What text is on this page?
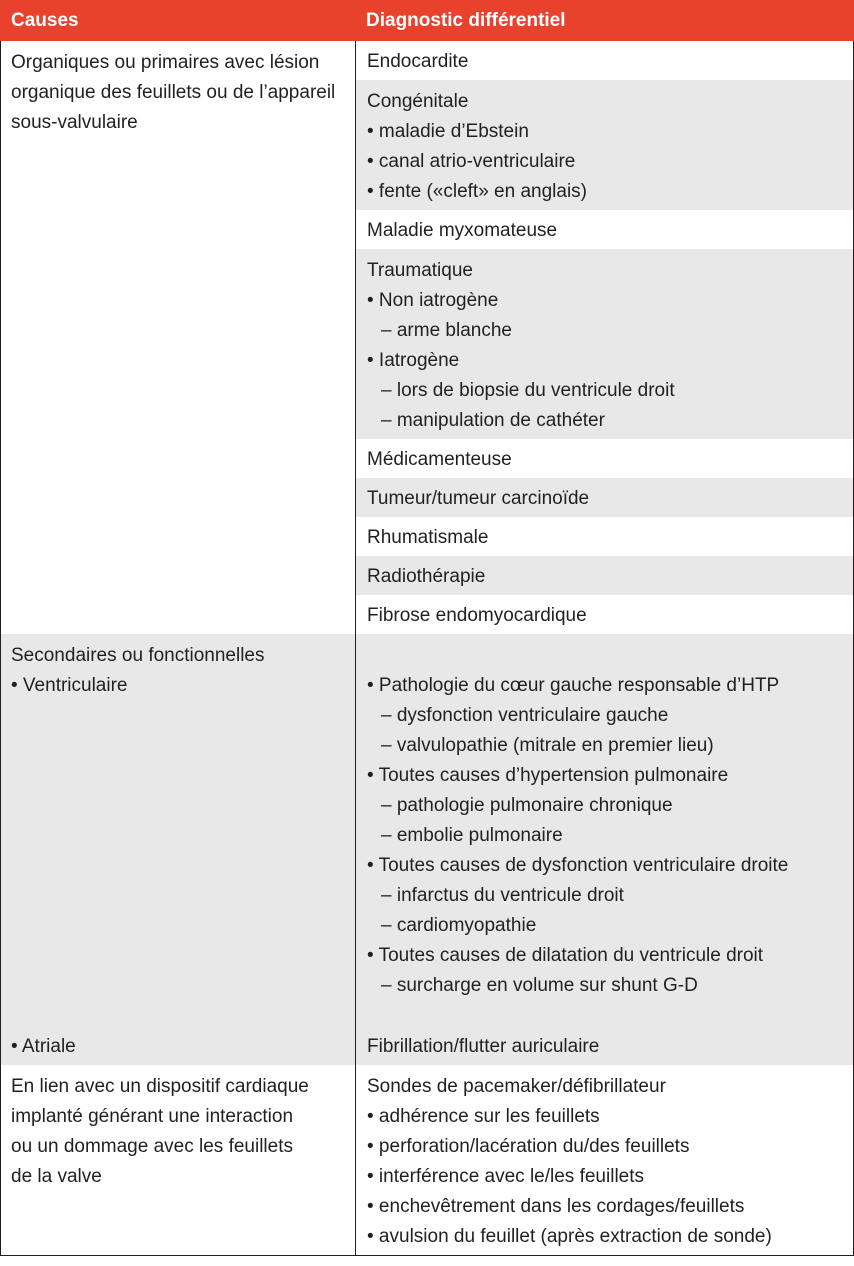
Causes	Diagnostic différentiel
Organiques ou primaires avec lésion
organique des feuillets ou de l’appareil
sous-valvulaire
Endocardite
Congénitale
• maladie d’Ebstein
• canal atrio-ventriculaire
• fente («cleft» en anglais)
Maladie myxomateuse
Traumatique
• Non iatrogène
– arme blanche
• Iatrogène
– lors de biopsie du ventricule droit
– manipulation de cathéter
Médicamenteuse
Tumeur/tumeur carcinoïde
Rhumatismale
Radiothérapie
Fibrose endomyocardique
Secondaires ou fonctionnelles
• Ventriculaire
• Atriale
• Pathologie du cœur gauche responsable d’HTP
– dysfonction ventriculaire gauche
– valvulopathie (mitrale en premier lieu)
• Toutes causes d’hypertension pulmonaire
– pathologie pulmonaire chronique
– embolie pulmonaire
• Toutes causes de dysfonction ventriculaire droite
– infarctus du ventricule droit
– cardiomyopathie
• Toutes causes de dilatation du ventricule droit
– surcharge en volume sur shunt G-D
Fibrillation/flutter auriculaire
En lien avec un dispositif cardiaque
implanté générant une interaction
ou un dommage avec les feuillets
de la valve
Sondes de pacemaker/défibrillateur
• adhérence sur les feuillets
• perforation/lacération du/des feuillets
• interférence avec le/les feuillets
• enchevêtrement dans les cordages/feuillets
• avulsion du feuillet (après extraction de sonde)
